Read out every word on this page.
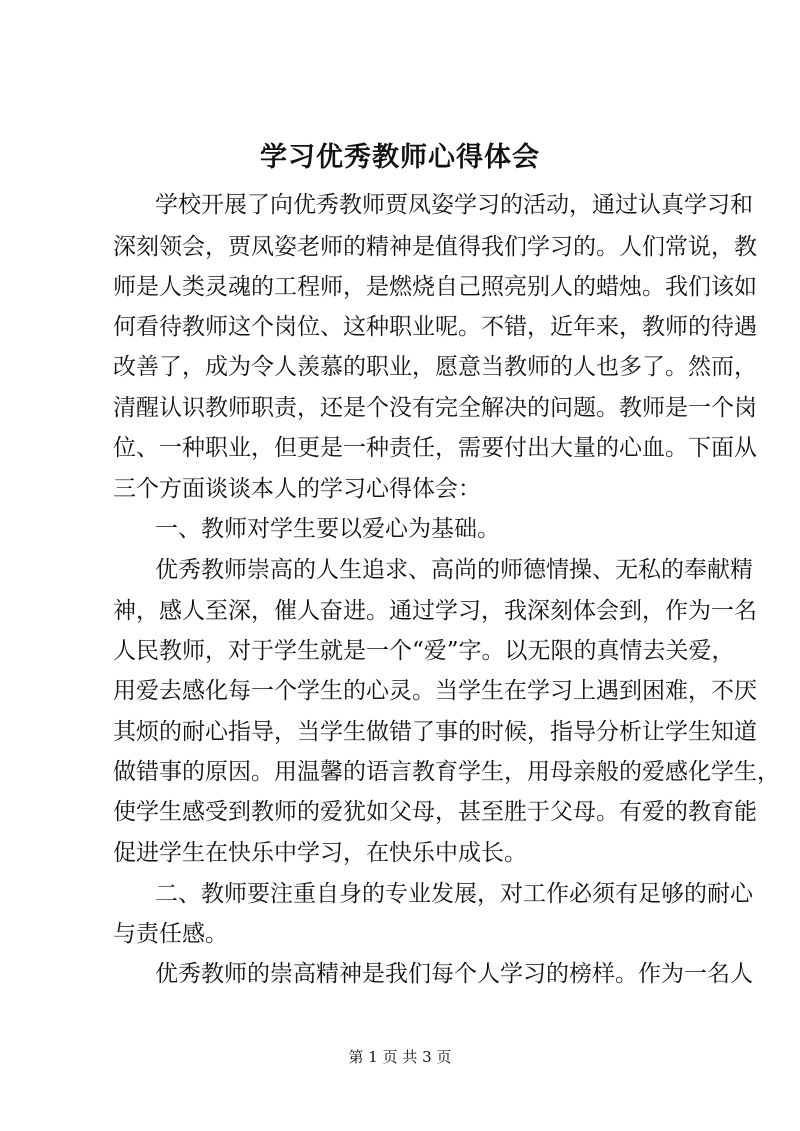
学习优秀教师心得体会
学校开展了向优秀教师贾凤姿学习的活动，通过认真学习和
深刻领会，贾凤姿老师的精神是值得我们学习的。人们常说，教
师是人类灵魂的工程师，是燃烧自己照亮别人的蜡烛。我们该如
何看待教师这个岗位、这种职业呢。不错，近年来，教师的待遇
改善了，成为令人羡慕的职业，愿意当教师的人也多了。然而，
清醒认识教师职责，还是个没有完全解决的问题。教师是一个岗
位、一种职业，但更是一种责任，需要付出大量的心血。下面从
三个方面谈谈本人的学习心得体会：
一、教师对学生要以爱心为基础。
优秀教师崇高的人生追求、高尚的师德情操、无私的奉献精
神，感人至深，催人奋进。通过学习，我深刻体会到，作为一名
人民教师，对于学生就是一个“爱”字。以无限的真情去关爱，
用爱去感化每一个学生的心灵。当学生在学习上遇到困难，不厌
其烦的耐心指导，当学生做错了事的时候，指导分析让学生知道
做错事的原因。用温馨的语言教育学生，用母亲般的爱感化学生，
使学生感受到教师的爱犹如父母，甚至胜于父母。有爱的教育能
促进学生在快乐中学习，在快乐中成长。
二、教师要注重自身的专业发展，对工作必须有足够的耐心
与责任感。
优秀教师的崇高精神是我们每个人学习的榜样。作为一名人
第 1 页 共 3 页
